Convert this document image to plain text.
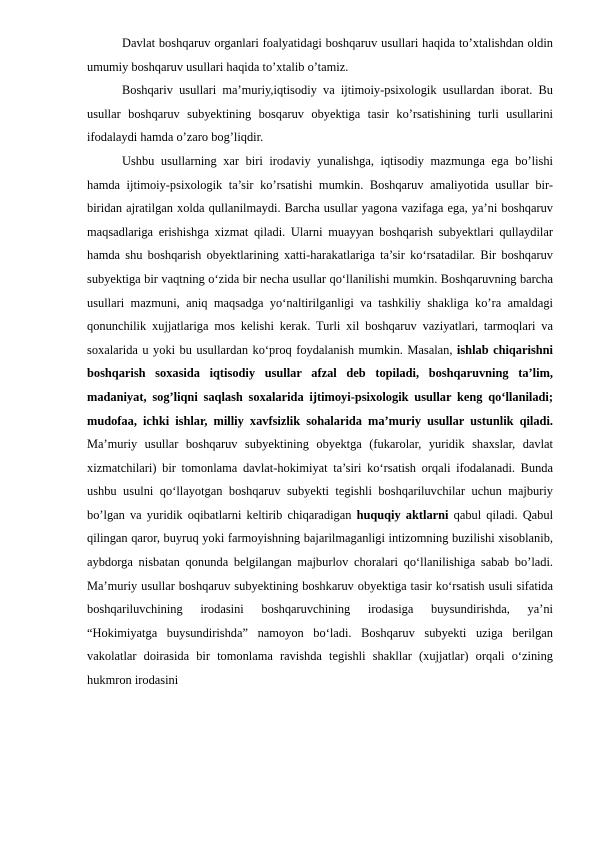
Davlat boshqaruv organlari foalyatidagi boshqaruv usullari haqida to’xtalishdan oldin umumiy boshqaruv usullari haqida to’xtalib o’tamiz.

Boshqariv usullari ma’muriy,iqtisodiy va ijtimoiy-psixologik usullardan iborat. Bu usullar boshqaruv subyektining bosqaruv obyektiga tasir ko’rsatishining turli usullarini ifodalaydi hamda o’zaro bog’liqdir.

Ushbu usullarning xar biri irodaviy yunalishga, iqtisodiy mazmunga ega bo’lishi hamda ijtimoiy-psixologik ta’sir ko’rsatishi mumkin. Boshqaruv amaliyotida usullar bir-biridan ajratilgan xolda qullanilmaydi. Barcha usullar yagona vazifaga ega, ya’ni boshqaruv maqsadlariga erishishga xizmat qiladi. Ularni muayyan boshqarish subyektlari qullaydilar hamda shu boshqarish obyektlarining xatti-harakatlariga ta’sir ko‘rsatadilar. Bir boshqaruv subyektiga bir vaqtning o‘zida bir necha usullar qo‘llanilishi mumkin. Boshqaruvning barcha usullari mazmuni, aniq maqsadga yo‘naltirilganligi va tashkiliy shakliga ko’ra amaldagi qonunchilik xujjatlariga mos kelishi kerak. Turli xil boshqaruv vaziyatlari, tarmoqlari va soxalarida u yoki bu usullardan ko‘proq foydalanish mumkin. Masalan, ishlab chiqarishni boshqarish soxasida iqtisodiy usullar afzal deb topiladi, boshqaruvning ta’lim, madaniyat, sog’liqni saqlash soxalarida ijtimoyi-psixologik usullar keng qo‘llaniladi; mudofaa, ichki ishlar, milliy xavfsizlik sohalarida ma’muriy usullar ustunlik qiladi. Ma’muriy usullar boshqaruv subyektining obyektga (fukarolar, yuridik shaxslar, davlat xizmatchilari) bir tomonlama davlat-hokimiyat ta’siri ko‘rsatish orqali ifodalanadi. Bunda ushbu usulni qo‘llayotgan boshqaruv subyekti tegishli boshqariluvchilar uchun majburiy bo’lgan va yuridik oqibatlarni keltirib chiqaradigan huquqiy aktlarni qabul qiladi. Qabul qilingan qaror, buyruq yoki farmoyishning bajarilmaganligi intizomning buzilishi xisoblanib, aybdorga nisbatan qonunda belgilangan majburlov choralari qo‘llanilishiga sabab bo’ladi. Ma’muriy usullar boshqaruv subyektining boshkaruv obyektiga tasir ko‘rsatish usuli sifatida boshqariluvchining irodasini boshqaruvchining irodasiga buysundirishda, ya’ni “Hokimiyatga buysundirishda” namoyon bo‘ladi. Boshqaruv subyekti uziga berilgan vakolatlar doirasida bir tomonlama ravishda tegishli shakllar (xujjatlar) orqali o‘zining hukmron irodasini
